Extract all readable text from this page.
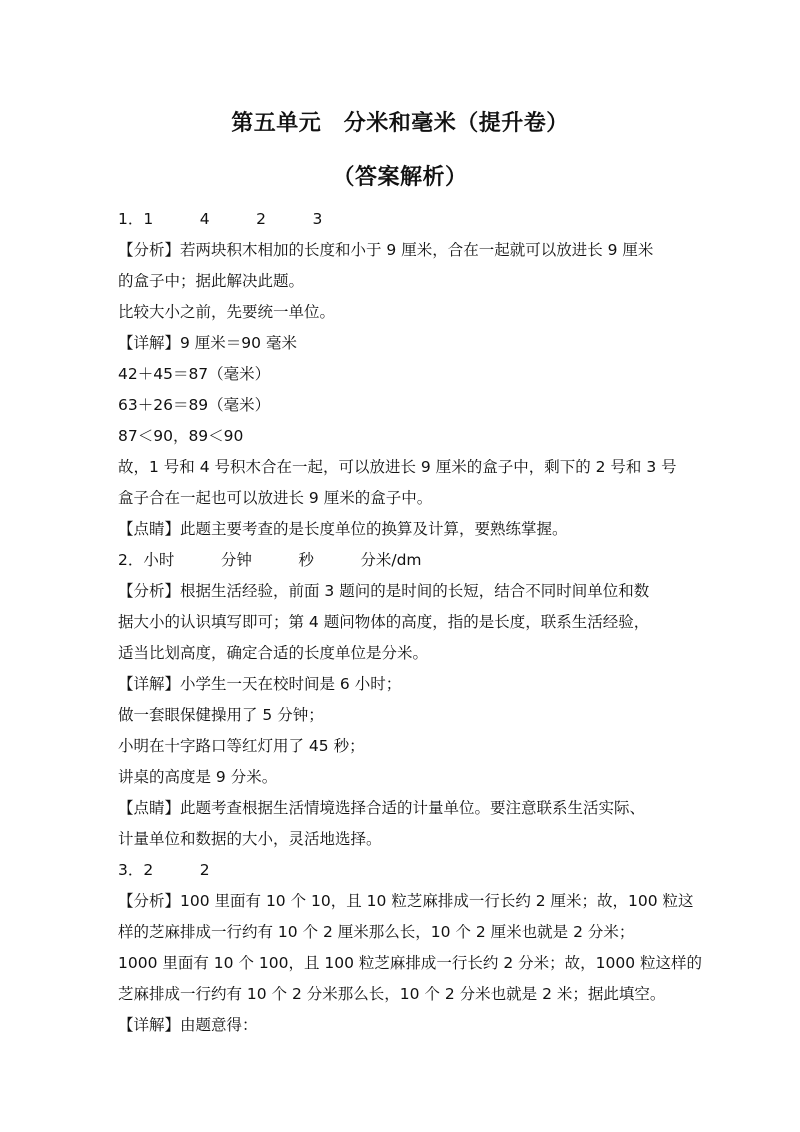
第五单元　分米和毫米（提升卷）
（答案解析）

1．1　　　4　　　2　　　3

【分析】若两块积木相加的长度和小于 9 厘米，合在一起就可以放进长 9 厘米

的盒子中；据此解决此题。

比较大小之前，先要统一单位。

【详解】9 厘米＝90 毫米

42＋45＝87（毫米）

63＋26＝89（毫米）

87＜90，89＜90

故，1 号和 4 号积木合在一起，可以放进长 9 厘米的盒子中，剩下的 2 号和 3 号

盒子合在一起也可以放进长 9 厘米的盒子中。

【点睛】此题主要考查的是长度单位的换算及计算，要熟练掌握。

2．小时　　　分钟　　　秒　　　分米/dm

【分析】根据生活经验，前面 3 题问的是时间的长短，结合不同时间单位和数

据大小的认识填写即可；第 4 题问物体的高度，指的是长度，联系生活经验，

适当比划高度，确定合适的长度单位是分米。

【详解】小学生一天在校时间是 6 小时；

做一套眼保健操用了 5 分钟；

小明在十字路口等红灯用了 45 秒；

讲桌的高度是 9 分米。

【点睛】此题考查根据生活情境选择合适的计量单位。要注意联系生活实际、

计量单位和数据的大小，灵活地选择。

3．2　　　2

【分析】100 里面有 10 个 10，且 10 粒芝麻排成一行长约 2 厘米；故，100 粒这

样的芝麻排成一行约有 10 个 2 厘米那么长，10 个 2 厘米也就是 2 分米；

1000 里面有 10 个 100，且 100 粒芝麻排成一行长约 2 分米；故，1000 粒这样的

芝麻排成一行约有 10 个 2 分米那么长，10 个 2 分米也就是 2 米；据此填空。

【详解】由题意得：
